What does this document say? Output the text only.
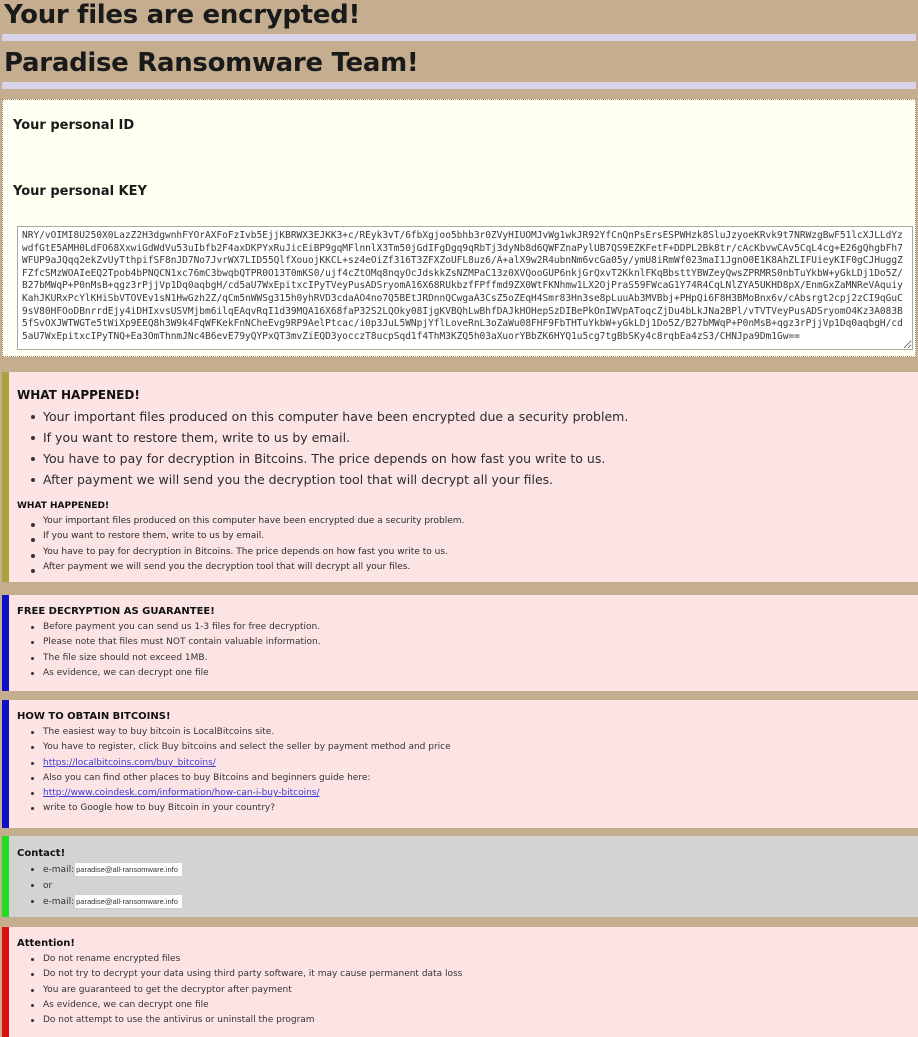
Your files are encrypted!
Paradise Ransomware Team!
Your personal ID
Your personal KEY
NRY/vOIMI8U250X0LazZ2H3dgwnhFYOrAXFoFzIvb5EjjKBRWX3EJKK3+c/REyk3vT/6fbXgjoo5bhb3r0ZVyHIUOMJvWg1wkJR92YfCnQnPsErsESPWHzk8SluJzyoeKRvk9t7NRWzgBwF51lcXJLLdYzwdfGtE5AMH0LdFO68XxwiGdWdVu53uIbfb2F4axDKPYxRuJicEiBP9gqMFlnnlX3Tm50jGdIFgDgq9qRbTj3dyNb8d6QWFZnaPylUB7QS9EZKFetF+DDPL2Bk8tr/cAcKbvwCAv5CqL4cg+E26gQhgbFh7WFUP9aJQqq2ekZvUyTthpifSF8nJD7No7JvrWX7LID55QlfXouojKKCL+sz4eOiZf316T3ZFXZoUFL8uz6/A+alX9w2R4ubnNm6vcGa05y/ymU8iRmWf023maI1JgnO0E1K8AhZLIFUieyKIF0gCJHuggZFZfcSMzWOAIeEQ2Tpob4bPNQCN1xc76mC3bwqbQTPR0O13T0mKS0/ujf4cZtOMq8nqyOcJdskkZsNZMPaC13z0XVQooGUP6nkjGrQxvT2KknlFKqBbsttYBWZeyQwsZPRMRS0nbTuYkbW+yGkLDj1Do5Z/B27bMWqP+P0nMsB+qgz3rPjjVp1Dq0aqbgH/cd5aU7WxEpitxcIPyTVeyPusADSryomA16X68RUkbzfFPffmd9ZX0WtFKNhmw1LX2OjPraS59FWcaG1Y74R4CqLNlZYA5UKHD8pX/EnmGxZaMNReVAquiyKahJKURxPcYlKHiSbVTOVEv1sN1HwGzh2Z/qCm5nWWSg315h0yhRVD3cdaAO4no7Q5BEtJRDnnQCwgaA3CsZ5oZEqH4Smr83Hn3se8pLuuAb3MVBbj+PHpQi6F8H3BMoBnx6v/cAbsrgt2cpj2zCI9qGuC9sV80HFOoDBnrrdEjy4iDHIxvsUSVMjbm6ilqEAqvRqI1d39MQA16X68faP32S2LQOky08IjgKVBQhLwBhfDAJkHOHepSzDIBePkOnIWVpAToqcZjDu4bLkJNa2BPl/vTVTVeyPusADSryomO4Kz3A083B5fSvOXJWTWGTe5tWiXp9EEQ8h3W9k4FqWFKekFnNCheEvg9RP9AelPtcac/i0p3JuL5WNpjYflLoveRnL3oZaWu08FHF9FbTHTuYkbW+yGkLDj1Do5Z/B27bMWqP+P0nMsB+qgz3rPjjVp1Dq0aqbgH/cd5aU7WxEpitxcIPyTNQ+Ea3OmThnmJNc4B6evE79yQYPxQT3mvZiEQD3yocczT8ucpSqd1f4ThM3KZQ5h03aXuorYBbZK6HYQ1u5cg7tgBbSKy4c8rqbEa4zS3/CHNJpa9Dm1Gw==
WHAT HAPPENED!
Your important files produced on this computer have been encrypted due a security problem.
If you want to restore them, write to us by email.
You have to pay for decryption in Bitcoins. The price depends on how fast you write to us.
After payment we will send you the decryption tool that will decrypt all your files.
WHAT HAPPENED!
Your important files produced on this computer have been encrypted due a security problem.
If you want to restore them, write to us by email.
You have to pay for decryption in Bitcoins. The price depends on how fast you write to us.
After payment we will send you the decryption tool that will decrypt all your files.
FREE DECRYPTION AS GUARANTEE!
Before payment you can send us 1-3 files for free decryption.
Please note that files must NOT contain valuable information.
The file size should not exceed 1MB.
As evidence, we can decrypt one file
HOW TO OBTAIN BITCOINS!
The easiest way to buy bitcoin is LocalBitcoins site.
You have to register, click Buy bitcoins and select the seller by payment method and price
https://localbitcoins.com/buy_bitcoins/
Also you can find other places to buy Bitcoins and beginners guide here:
http://www.coindesk.com/information/how-can-i-buy-bitcoins/
write to Google how to buy Bitcoin in your country?
Contact!
e-mail:paradise@all-ransomware.info
or
e-mail:paradise@all-ransomware.info
Attention!
Do not rename encrypted files
Do not try to decrypt your data using third party software, it may cause permanent data loss
You are guaranteed to get the decryptor after payment
As evidence, we can decrypt one file
Do not attempt to use the antivirus or uninstall the program
